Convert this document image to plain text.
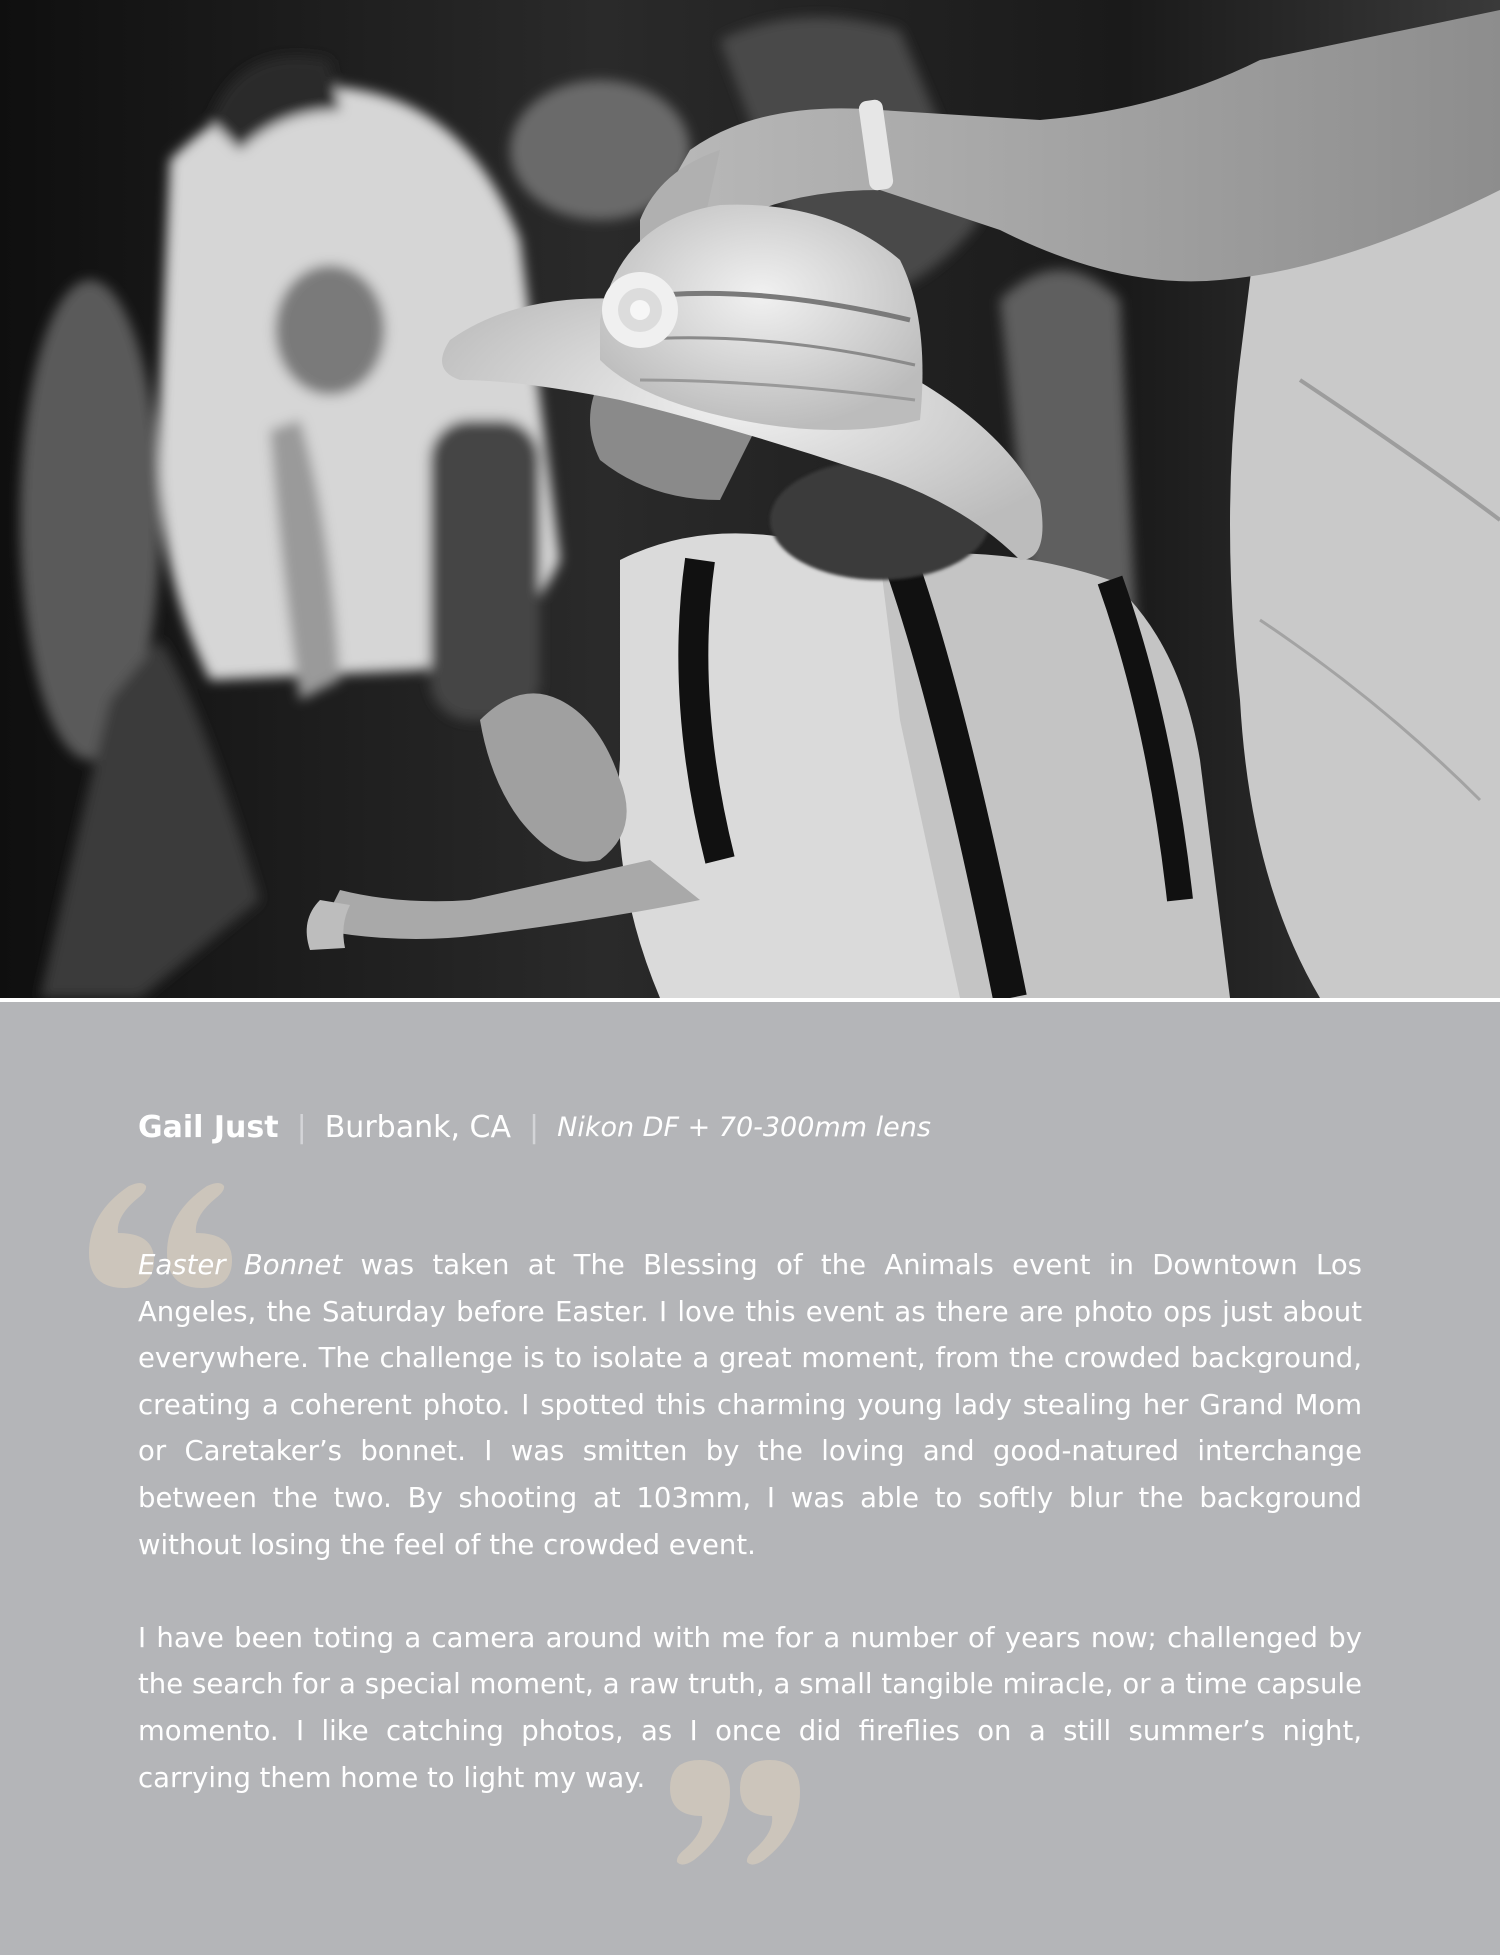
Gail Just | Burbank, CA | Nikon DF + 70-300mm lens

Easter Bonnet was taken at The Blessing of the Animals event in Downtown Los Angeles, the Saturday before Easter. I love this event as there are photo ops just about everywhere. The challenge is to isolate a great moment, from the crowded background, creating a coherent photo. I spotted this charming young lady stealing her Grand Mom or Caretaker’s bonnet. I was smitten by the loving and good-natured interchange between the two. By shooting at 103mm, I was able to softly blur the background without losing the feel of the crowded event.

I have been toting a camera around with me for a number of years now; challenged by the search for a special moment, a raw truth, a small tangible miracle, or a time capsule momento. I like catching photos, as I once did fireflies on a still summer’s night, carrying them home to light my way.
